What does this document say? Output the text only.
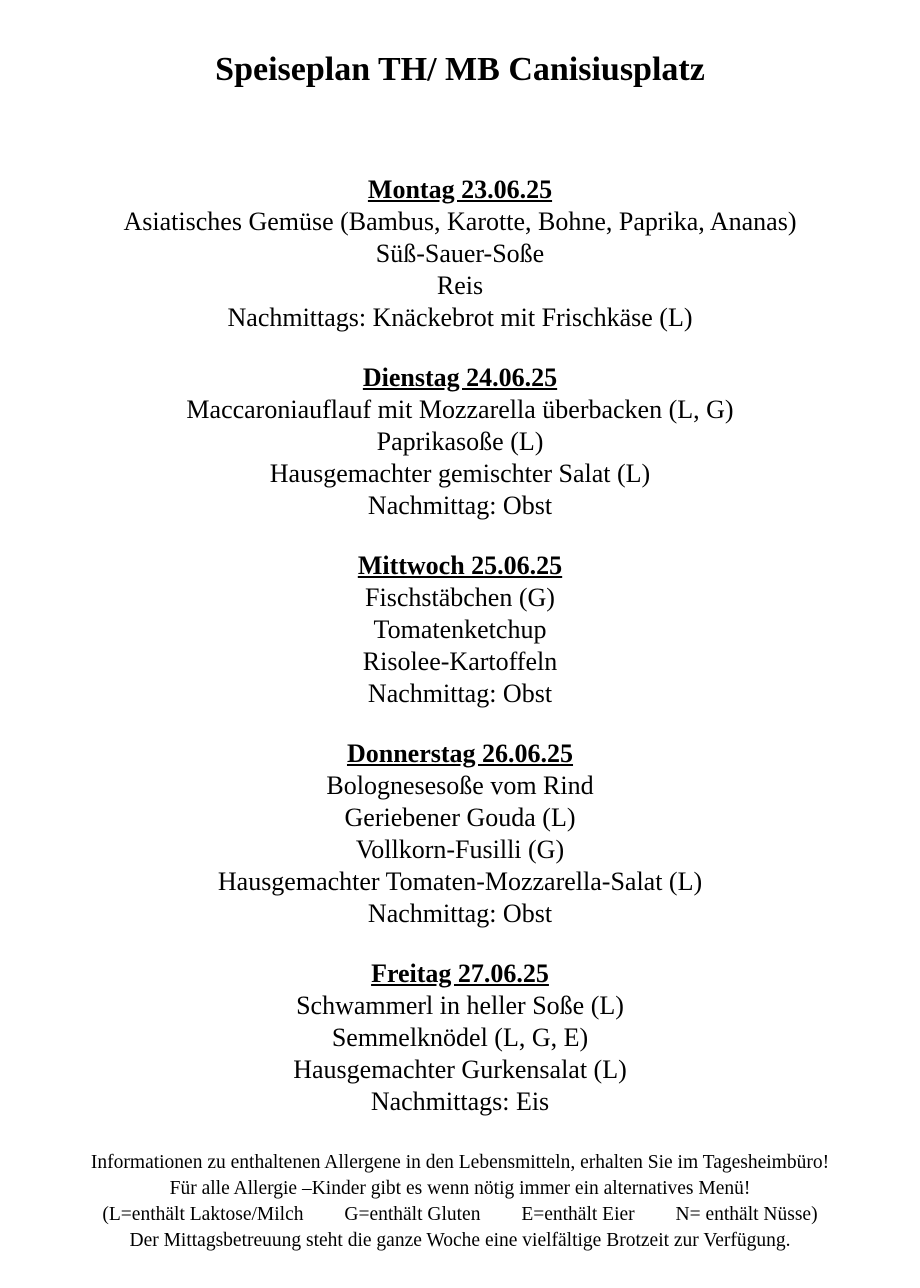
Speiseplan TH/ MB Canisiusplatz
Montag 23.06.25
Asiatisches Gemüse (Bambus, Karotte, Bohne, Paprika, Ananas)
Süß-Sauer-Soße
Reis
Nachmittags: Knäckebrot mit Frischkäse (L)
Dienstag 24.06.25
Maccaroniauflauf mit Mozzarella überbacken (L, G)
Paprikasoße (L)
Hausgemachter gemischter Salat (L)
Nachmittag: Obst
Mittwoch 25.06.25
Fischstäbchen (G)
Tomatenketchup
Risolee-Kartoffeln
Nachmittag: Obst
Donnerstag 26.06.25
Bolognesesoße vom Rind
Geriebener Gouda (L)
Vollkorn-Fusilli (G)
Hausgemachter Tomaten-Mozzarella-Salat (L)
Nachmittag: Obst
Freitag 27.06.25
Schwammerl in heller Soße (L)
Semmelknödel (L, G, E)
Hausgemachter Gurkensalat (L)
Nachmittags: Eis
Informationen zu enthaltenen Allergene in den Lebensmitteln, erhalten Sie im Tagesheimbüro!
Für alle Allergie –Kinder gibt es wenn nötig immer ein alternatives Menü!
(L=enthält Laktose/Milch G=enthält Gluten E=enthält Eier N= enthält Nüsse)
Der Mittagsbetreuung steht die ganze Woche eine vielfältige Brotzeit zur Verfügung.
